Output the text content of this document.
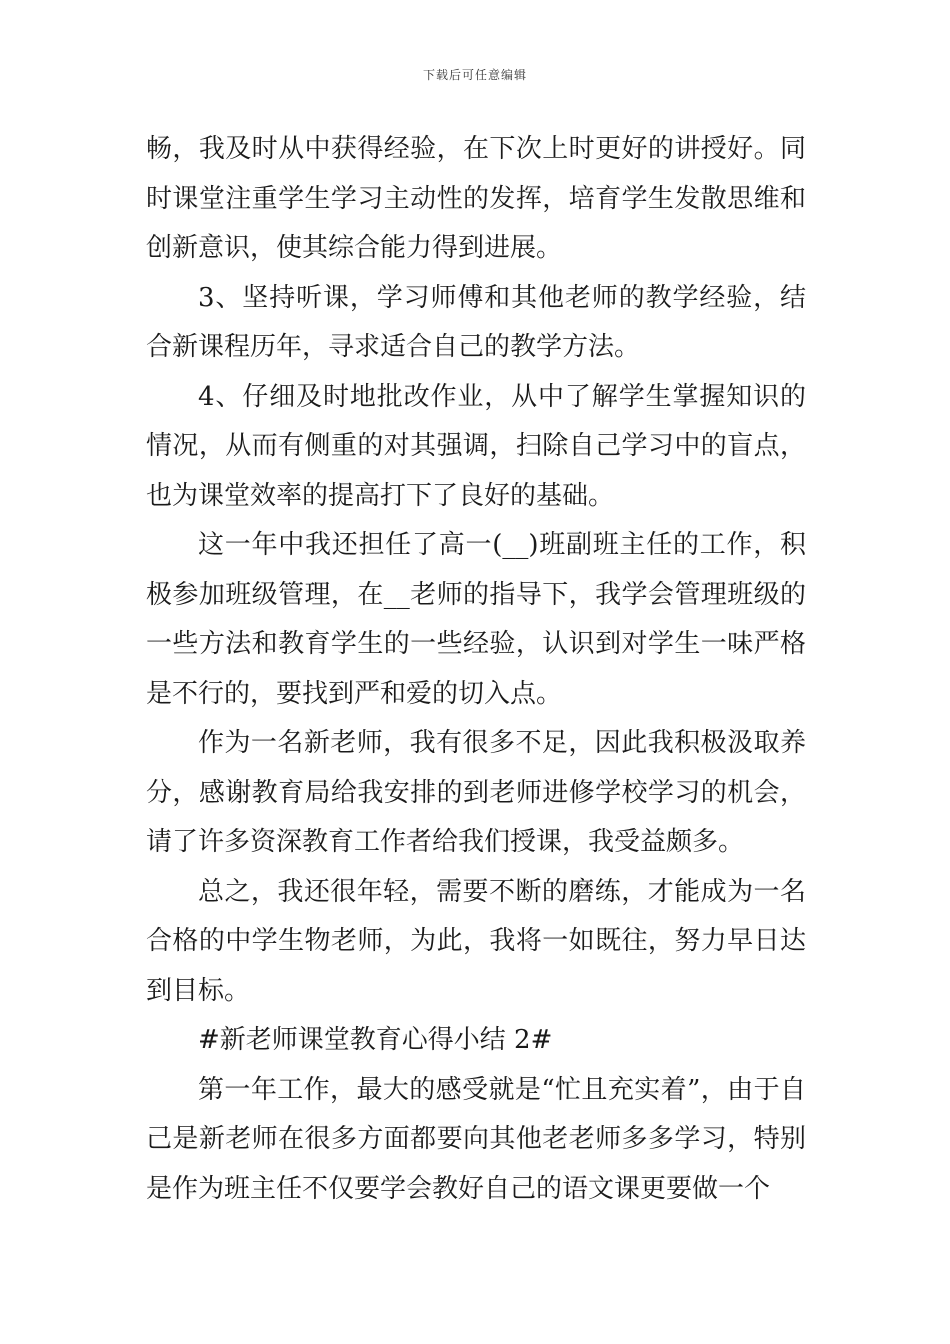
下载后可任意编辑

畅，我及时从中获得经验，在下次上时更好的讲授好。同时课堂注重学生学习主动性的发挥，培育学生发散思维和创新意识，使其综合能力得到进展。

3、坚持听课，学习师傅和其他老师的教学经验，结合新课程历年，寻求适合自己的教学方法。

4、仔细及时地批改作业，从中了解学生掌握知识的情况，从而有侧重的对其强调，扫除自己学习中的盲点，也为课堂效率的提高打下了良好的基础。

这一年中我还担任了高一(__)班副班主任的工作，积极参加班级管理，在__老师的指导下，我学会管理班级的一些方法和教育学生的一些经验，认识到对学生一味严格是不行的，要找到严和爱的切入点。

作为一名新老师，我有很多不足，因此我积极汲取养分，感谢教育局给我安排的到老师进修学校学习的机会，请了许多资深教育工作者给我们授课，我受益颇多。

总之，我还很年轻，需要不断的磨练，才能成为一名合格的中学生物老师，为此，我将一如既往，努力早日达到目标。

#新老师课堂教育心得小结 2#

第一年工作，最大的感受就是“忙且充实着”，由于自己是新老师在很多方面都要向其他老老师多多学习，特别是作为班主任不仅要学会教好自己的语文课更要做一个
